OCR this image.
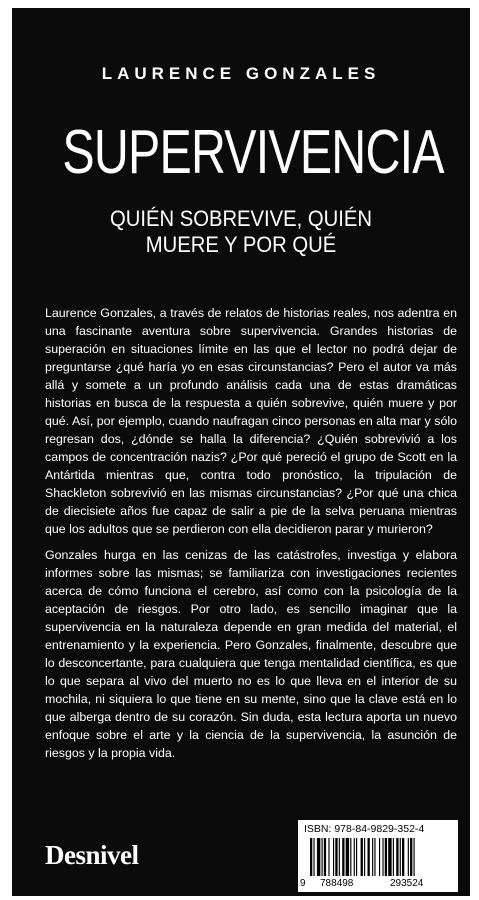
LAURENCE GONZALES
SUPERVIVENCIA
QUIÉN SOBREVIVE, QUIÉN
MUERE Y POR QUÉ

Laurence Gonzales, a través de relatos de historias reales, nos adentra en una fascinante aventura sobre supervivencia. Grandes historias de superación en situaciones límite en las que el lector no podrá dejar de preguntarse ¿qué haría yo en esas circunstancias? Pero el autor va más allá y somete a un profundo análisis cada una de estas dramáticas historias en busca de la respuesta a quién sobrevive, quién muere y por qué. Así, por ejemplo, cuando naufragan cinco personas en alta mar y sólo regresan dos, ¿dónde se halla la diferencia? ¿Quién sobrevivió a los campos de concentración nazis? ¿Por qué pereció el grupo de Scott en la Antártida mientras que, contra todo pronóstico, la tripulación de Shackleton sobrevivió en las mismas circunstancias? ¿Por qué una chica de diecisiete años fue capaz de salir a pie de la selva peruana mientras que los adultos que se perdieron con ella decidieron parar y murieron?

Gonzales hurga en las cenizas de las catástrofes, investiga y elabora informes sobre las mismas; se familiariza con investigaciones recientes acerca de cómo funciona el cerebro, así como con la psicología de la aceptación de riesgos. Por otro lado, es sencillo imaginar que la supervivencia en la naturaleza depende en gran medida del material, el entrenamiento y la experiencia. Pero Gonzales, finalmente, descubre que lo desconcertante, para cualquiera que tenga mentalidad científica, es que lo que separa al vivo del muerto no es lo que lleva en el interior de su mochila, ni siquiera lo que tiene en su mente, sino que la clave está en lo que alberga dentro de su corazón. Sin duda, esta lectura aporta un nuevo enfoque sobre el arte y la ciencia de la supervivencia, la asunción de riesgos y la propia vida.

Desnivel
ISBN: 978-84-9829-352-4
9 788498	293524
